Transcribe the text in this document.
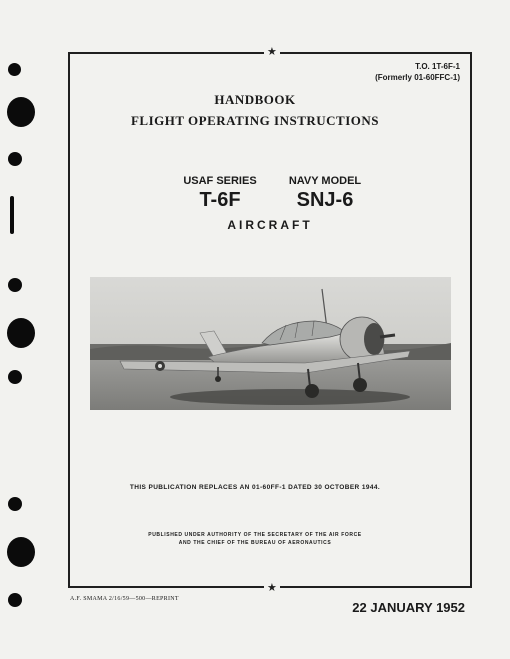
★
★
T.O. 1T-6F-1
(Formerly 01-60FFC-1)
HANDBOOK
FLIGHT OPERATING INSTRUCTIONS
USAF SERIES	NAVY MODEL
T-6F	SNJ-6
AIRCRAFT
THIS PUBLICATION REPLACES AN 01-60FF-1 DATED 30 OCTOBER 1944.
PUBLISHED UNDER AUTHORITY OF THE SECRETARY OF THE AIR FORCE
AND THE CHIEF OF THE BUREAU OF AERONAUTICS
A.F. SMAMA 2/16/59—500—REPRINT
22 JANUARY 1952
